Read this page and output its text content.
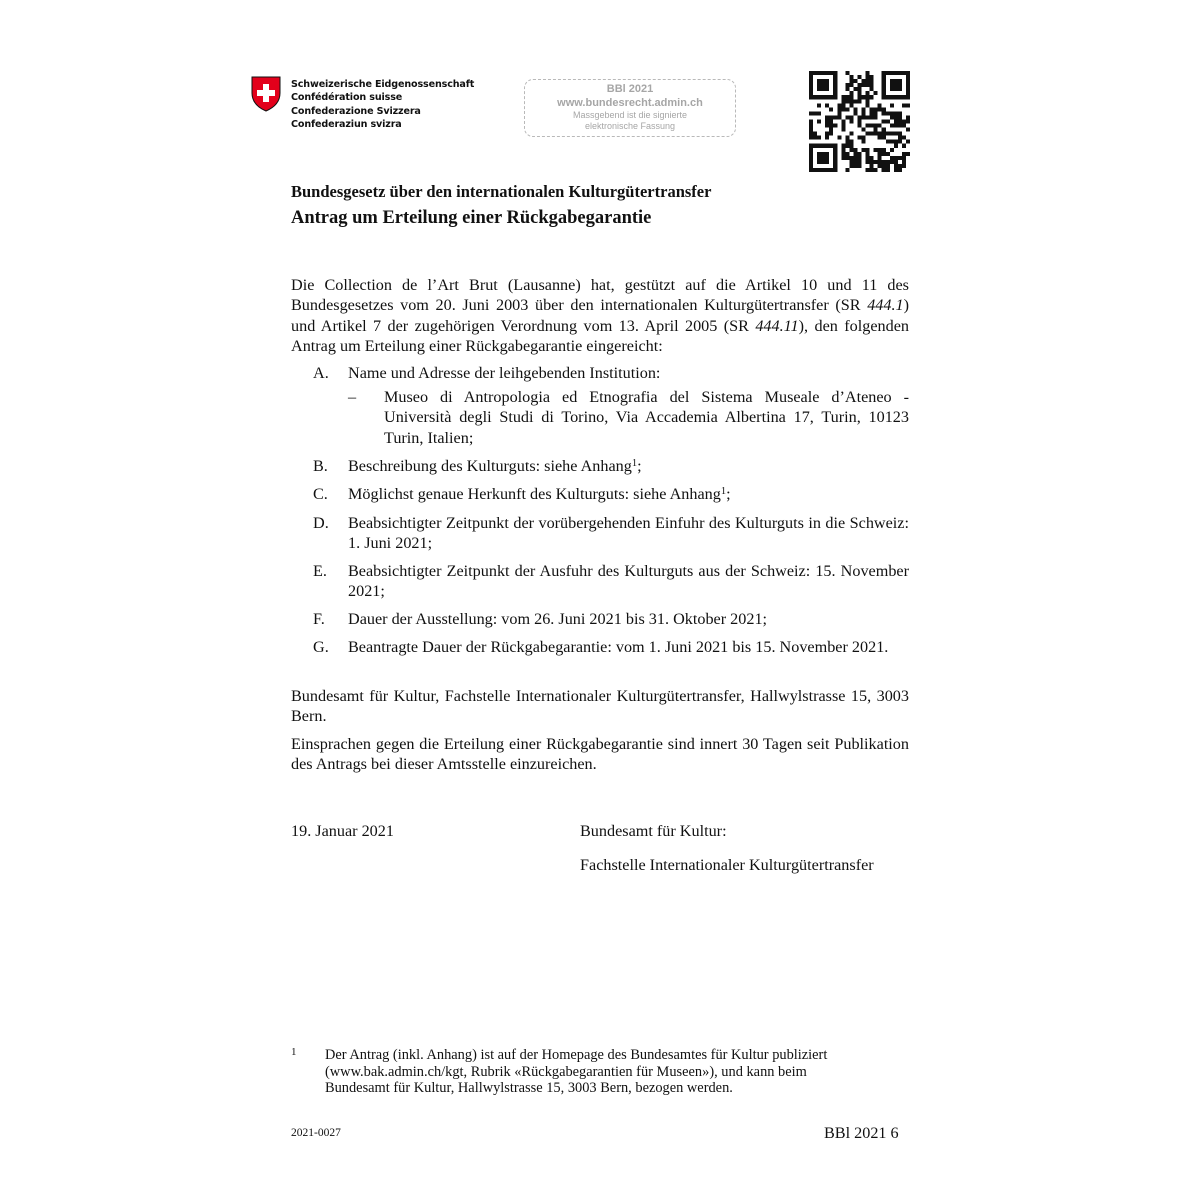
Schweizerische Eidgenossenschaft
Confédération suisse
Confederazione Svizzera
Confederaziun svizra
BBl 2021
www.bundesrecht.admin.ch
Massgebend ist die signierte
elektronische Fassung
Bundesgesetz über den internationalen Kulturgütertransfer
Antrag um Erteilung einer Rückgabegarantie
Die Collection de l’Art Brut (Lausanne) hat, gestützt auf die Artikel 10 und 11 des Bundesgesetzes vom 20. Juni 2003 über den internationalen Kulturgütertransfer (SR 444.1) und Artikel 7 der zugehörigen Verordnung vom 13. April 2005 (SR 444.11), den folgenden Antrag um Erteilung einer Rückgabegarantie eingereicht:
A. Name und Adresse der leihgebenden Institution:
– Museo di Antropologia ed Etnografia del Sistema Museale d’Ateneo - Università degli Studi di Torino, Via Accademia Albertina 17, Turin, 10123 Turin, Italien;
B. Beschreibung des Kulturguts: siehe Anhang$^1$;
C. Möglichst genaue Herkunft des Kulturguts: siehe Anhang$^1$;
D. Beabsichtigter Zeitpunkt der vorübergehenden Einfuhr des Kulturguts in die Schweiz: 1. Juni 2021;
E. Beabsichtigter Zeitpunkt der Ausfuhr des Kulturguts aus der Schweiz: 15. November 2021;
F. Dauer der Ausstellung: vom 26. Juni 2021 bis 31. Oktober 2021;
G. Beantragte Dauer der Rückgabegarantie: vom 1. Juni 2021 bis 15. November 2021.
Bundesamt für Kultur, Fachstelle Internationaler Kulturgütertransfer, Hallwylstrasse 15, 3003 Bern.
Einsprachen gegen die Erteilung einer Rückgabegarantie sind innert 30 Tagen seit Publikation des Antrags bei dieser Amtsstelle einzureichen.
19. Januar 2021	Bundesamt für Kultur:
Fachstelle Internationaler Kulturgütertransfer
1 Der Antrag (inkl. Anhang) ist auf der Homepage des Bundesamtes für Kultur publiziert (www.bak.admin.ch/kgt, Rubrik «Rückgabegarantien für Museen»), und kann beim Bundesamt für Kultur, Hallwylstrasse 15, 3003 Bern, bezogen werden.
2021-0027	BBl 2021 6
